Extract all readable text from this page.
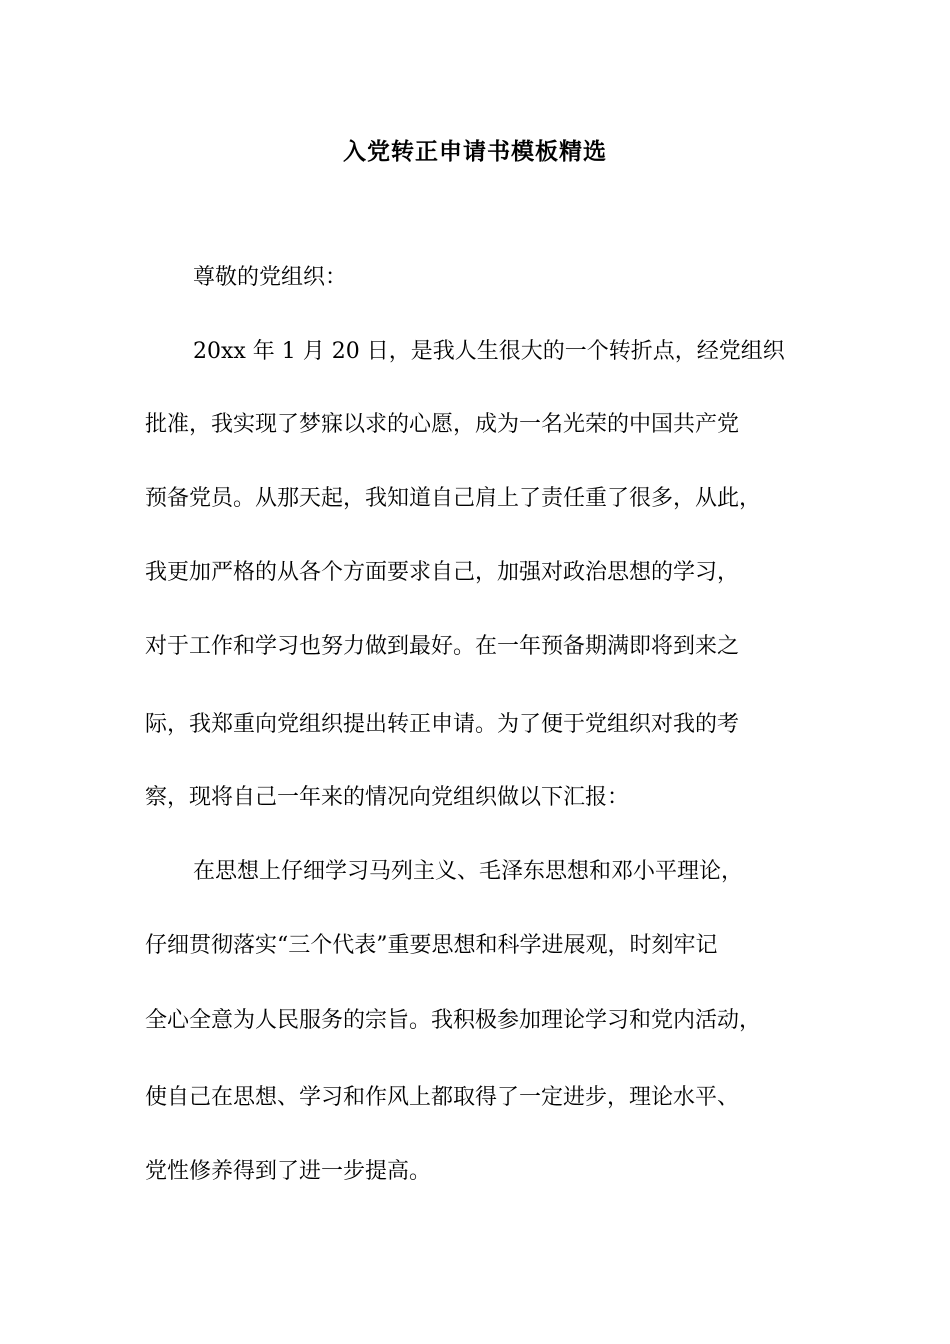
入党转正申请书模板精选
尊敬的党组织：
20xx 年 1 月 20 日，是我人生很大的一个转折点，经党组织
批准，我实现了梦寐以求的心愿，成为一名光荣的中国共产党
预备党员。从那天起，我知道自己肩上了责任重了很多，从此，
我更加严格的从各个方面要求自己，加强对政治思想的学习，
对于工作和学习也努力做到最好。在一年预备期满即将到来之
际，我郑重向党组织提出转正申请。为了便于党组织对我的考
察，现将自己一年来的情况向党组织做以下汇报：
在思想上仔细学习马列主义、毛泽东思想和邓小平理论，
仔细贯彻落实“三个代表”重要思想和科学进展观，时刻牢记
全心全意为人民服务的宗旨。我积极参加理论学习和党内活动，
使自己在思想、学习和作风上都取得了一定进步，理论水平、
党性修养得到了进一步提高。
